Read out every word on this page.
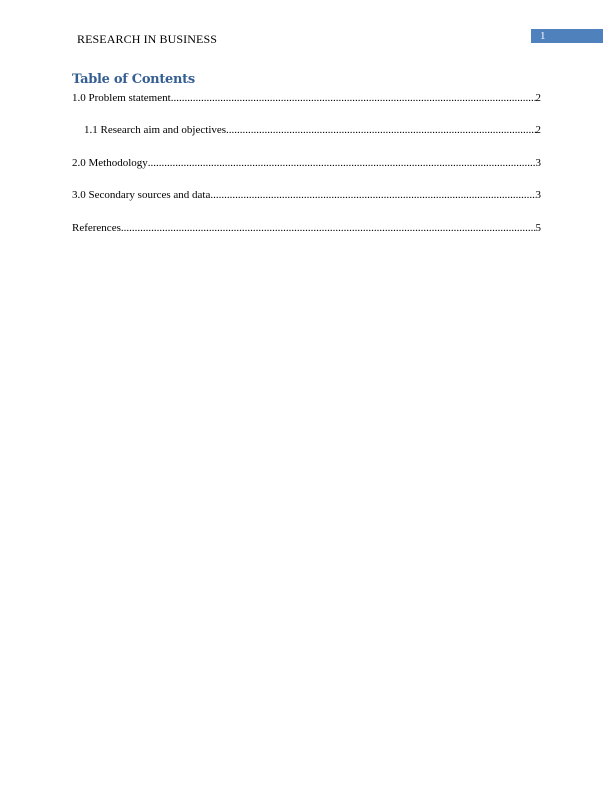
RESEARCH IN BUSINESS	1
Table of Contents
1.0 Problem statement .....	2
1.1 Research aim and objectives .....	2
2.0 Methodology .....	3
3.0 Secondary sources and data .....	3
References .....	5
